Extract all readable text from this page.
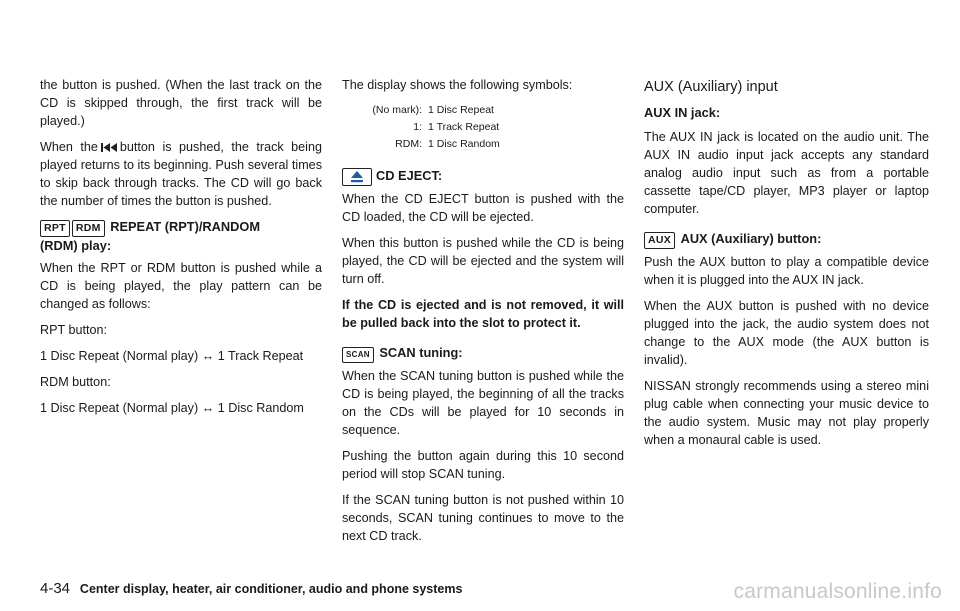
the button is pushed. (When the last track on the CD is skipped through, the first track will be played.)

When the button is pushed, the track being played returns to its beginning. Push several times to skip back through tracks. The CD will go back the number of times the button is pushed.

RPT RDM REPEAT (RPT)/RANDOM
(RDM) play:

When the RPT or RDM button is pushed while a CD is being played, the play pattern can be changed as follows:

RPT button:

1 Disc Repeat (Normal play) ↔ 1 Track Repeat

RDM button:

1 Disc Repeat (Normal play) ↔ 1 Disc Random

The display shows the following symbols:

(No mark): 1 Disc Repeat
1: 1 Track Repeat
RDM: 1 Disc Random
CD EJECT:

When the CD EJECT button is pushed with the CD loaded, the CD will be ejected.

When this button is pushed while the CD is being played, the CD will be ejected and the system will turn off.

If the CD is ejected and is not removed, it will be pulled back into the slot to protect it.

SCAN SCAN tuning:

When the SCAN tuning button is pushed while the CD is being played, the beginning of all the tracks on the CDs will be played for 10 seconds in sequence.

Pushing the button again during this 10 second period will stop SCAN tuning.

If the SCAN tuning button is not pushed within 10 seconds, SCAN tuning continues to move to the next CD track.

AUX (Auxiliary) input

AUX IN jack:

The AUX IN jack is located on the audio unit. The AUX IN audio input jack accepts any standard analog audio input such as from a portable cassette tape/CD player, MP3 player or laptop computer.

AUX AUX (Auxiliary) button:

Push the AUX button to play a compatible device when it is plugged into the AUX IN jack.

When the AUX button is pushed with no device plugged into the jack, the audio system does not change to the AUX mode (the AUX button is invalid).

NISSAN strongly recommends using a stereo mini plug cable when connecting your music device to the audio system. Music may not play properly when a monaural cable is used.

4-34 Center display, heater, air conditioner, audio and phone systems	carmanualsonline.info
